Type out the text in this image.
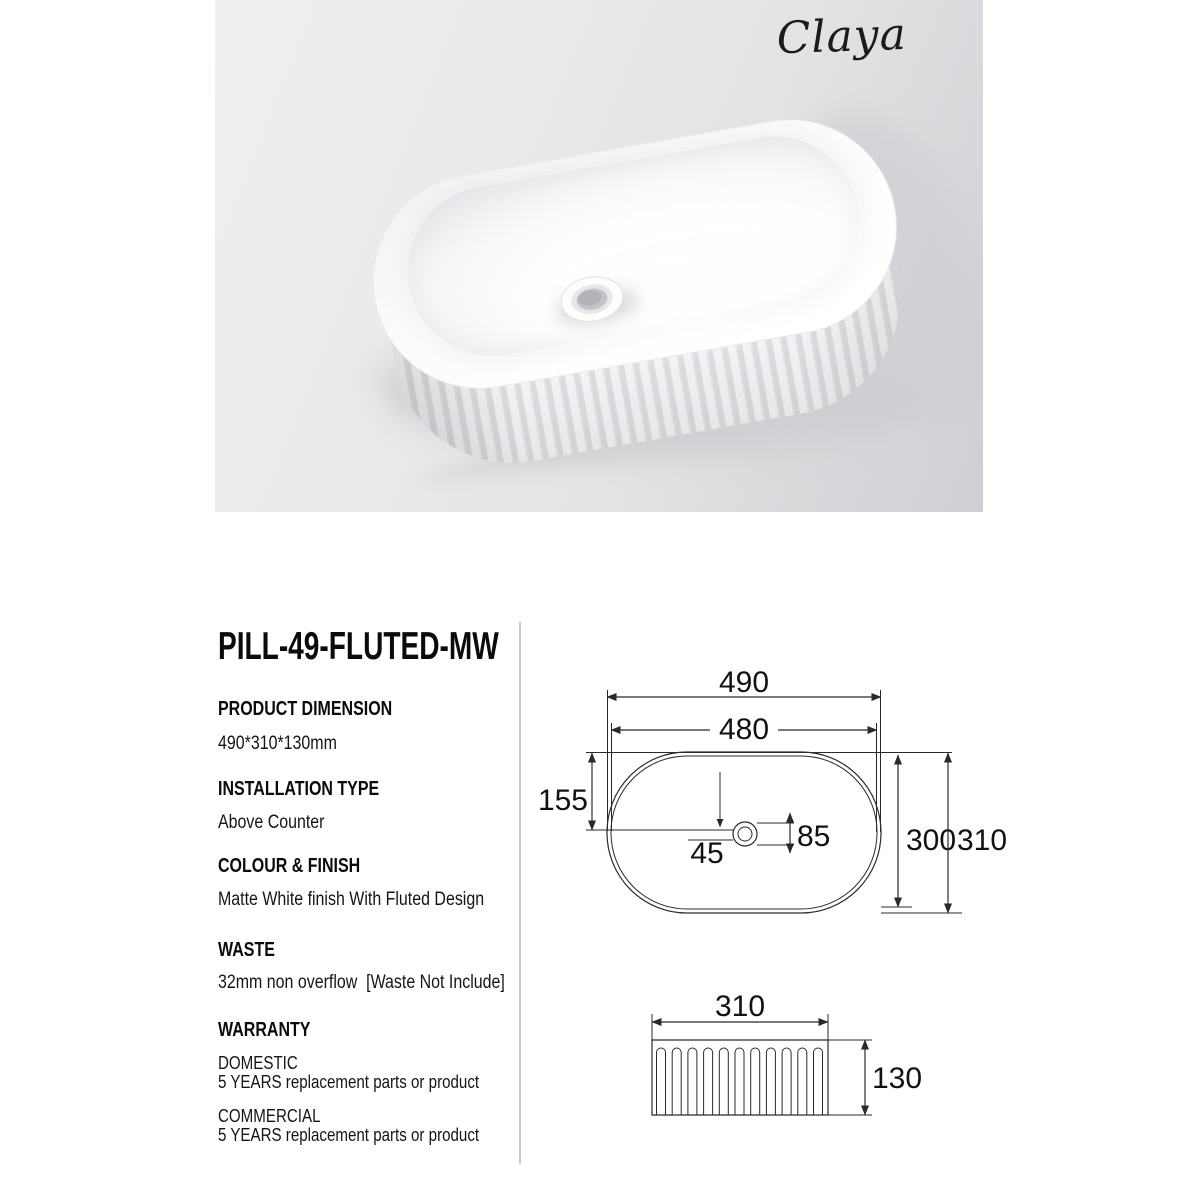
Claya
PILL-49-FLUTED-MW
PRODUCT DIMENSION
490*310*130mm
INSTALLATION TYPE
Above Counter
COLOUR & FINISH
Matte White finish With Fluted Design
WASTE
32mm non overflow  [Waste Not Include]
WARRANTY
DOMESTIC
5 YEARS replacement parts or product
COMMERCIAL
5 YEARS replacement parts or product
490
480
155
45
85	300 310
310
130
